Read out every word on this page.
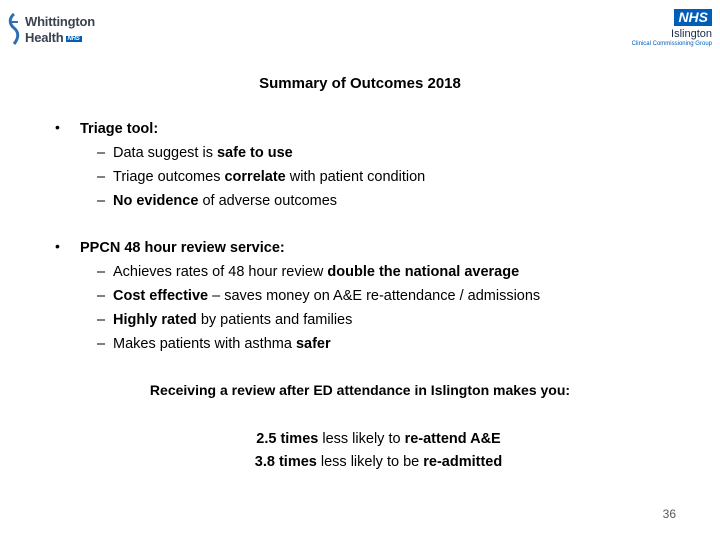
Whittington
Health NHS
NHS
Islington
Clinical Commissioning Group
Summary of Outcomes 2018
• Triage tool:
– Data suggest is safe to use
– Triage outcomes correlate with patient condition
– No evidence of adverse outcomes
• PPCN 48 hour review service:
– Achieves rates of 48 hour review double the national average
– Cost effective – saves money on A&E re-attendance / admissions
– Highly rated by patients and families
– Makes patients with asthma safer
Receiving a review after ED attendance in Islington makes you:
2.5 times less likely to re-attend A&E
3.8 times less likely to be re-admitted
36
